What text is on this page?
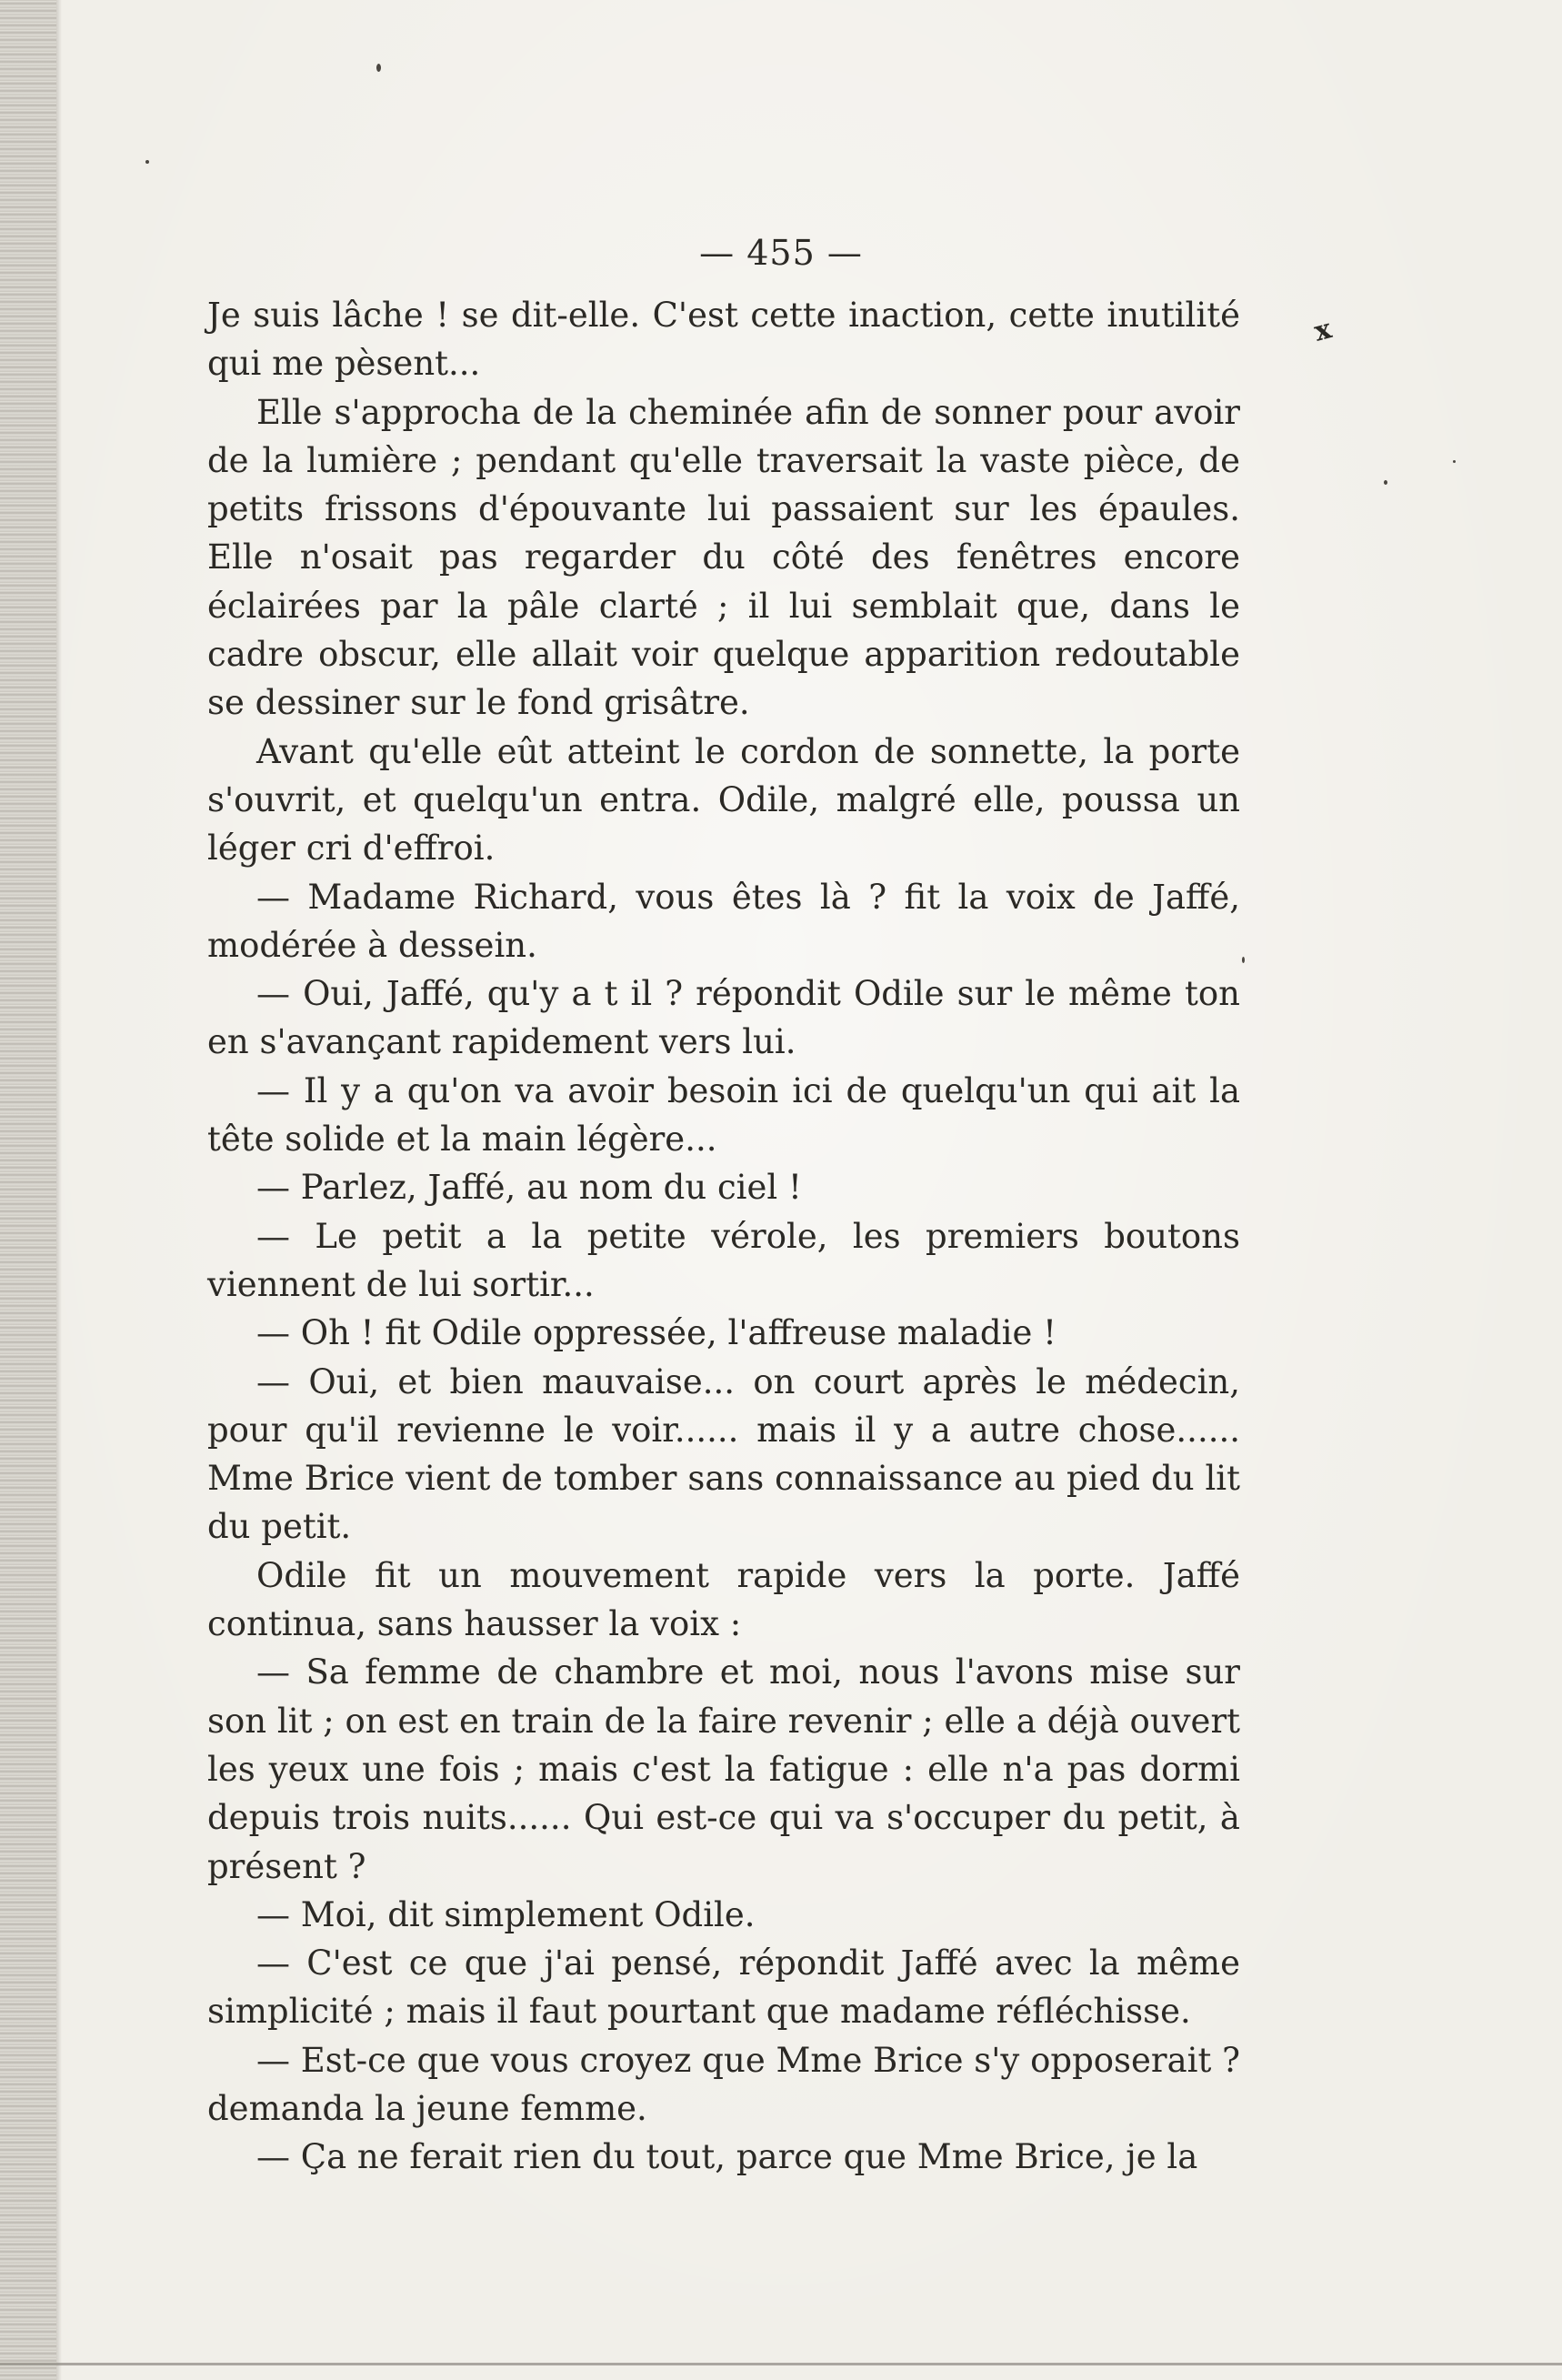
x
— 455 —

Je suis lâche ! se dit-elle. C'est cette inaction, cette inutilité qui me pèsent...

Elle s'approcha de la cheminée afin de sonner pour avoir de la lumière ; pendant qu'elle traversait la vaste pièce, de petits frissons d'épouvante lui passaient sur les épaules. Elle n'osait pas regarder du côté des fenêtres encore éclairées par la pâle clarté ; il lui semblait que, dans le cadre obscur, elle allait voir quelque apparition redoutable se dessiner sur le fond grisâtre.

Avant qu'elle eût atteint le cordon de sonnette, la porte s'ouvrit, et quelqu'un entra. Odile, malgré elle, poussa un léger cri d'effroi.

— Madame Richard, vous êtes là ? fit la voix de Jaffé, modérée à dessein.

— Oui, Jaffé, qu'y a t il ? répondit Odile sur le même ton en s'avançant rapidement vers lui.

— Il y a qu'on va avoir besoin ici de quelqu'un qui ait la tête solide et la main légère...

— Parlez, Jaffé, au nom du ciel !

— Le petit a la petite vérole, les premiers boutons viennent de lui sortir...

— Oh ! fit Odile oppressée, l'affreuse maladie !

— Oui, et bien mauvaise... on court après le médecin, pour qu'il revienne le voir...... mais il y a autre chose...... Mme Brice vient de tomber sans connaissance au pied du lit du petit.

Odile fit un mouvement rapide vers la porte. Jaffé continua, sans hausser la voix :

— Sa femme de chambre et moi, nous l'avons mise sur son lit ; on est en train de la faire revenir ; elle a déjà ouvert les yeux une fois ; mais c'est la fatigue : elle n'a pas dormi depuis trois nuits...... Qui est-ce qui va s'occuper du petit, à présent ?

— Moi, dit simplement Odile.

— C'est ce que j'ai pensé, répondit Jaffé avec la même simplicité ; mais il faut pourtant que madame réfléchisse.

— Est-ce que vous croyez que Mme Brice s'y opposerait ? demanda la jeune femme.

— Ça ne ferait rien du tout, parce que Mme Brice, je la
